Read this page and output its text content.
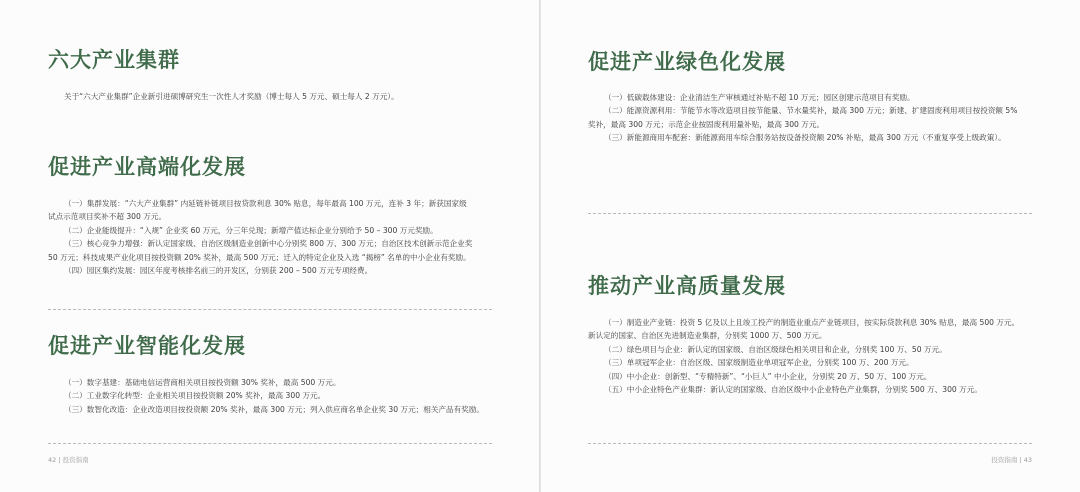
六大产业集群
关于“六大产业集群”企业新引进硕博研究生一次性人才奖励（博士每人 5 万元、硕士每人 2 万元）。
促进产业高端化发展
（一）集群发展：“六大产业集群” 内延链补链项目按贷款利息 30% 贴息，每年最高 100 万元，连补 3 年；新获国家级
试点示范项目奖补不超 300 万元。
（二）企业能级提升：“入规” 企业奖 60 万元，分三年兑现；新增产值达标企业分别给予 50 – 300 万元奖励。
（三）核心竞争力增强：新认定国家级、自治区级制造业创新中心分别奖 800 万、300 万元；自治区技术创新示范企业奖
50 万元；科技成果产业化项目按投资额 20% 奖补，最高 500 万元；迁入的特定企业及入选 “揭榜” 名单的中小企业有奖励。
（四）园区集约发展：园区年度考核排名前三的开发区，分别获 200 – 500 万元专项经费。
促进产业智能化发展
（一）数字基建：基础电信运营商相关项目按投资额 30% 奖补，最高 500 万元。
（二）工业数字化转型：企业相关项目按投资额 20% 奖补，最高 300 万元。
（三）数智化改造：企业改造项目按投资额 20% 奖补，最高 300 万元；列入供应商名单企业奖 30 万元；相关产品有奖励。
42 | 投资指南
促进产业绿色化发展
（一）低碳载体建设：企业清洁生产审核通过补贴不超 10 万元；园区创建示范项目有奖励。
（二）能源资源利用：节能节水等改造项目按节能量、节水量奖补，最高 300 万元；新建、扩建固废利用项目按投资额 5%
奖补，最高 300 万元；示范企业按固废利用量补贴，最高 300 万元。
（三）新能源商用车配套：新能源商用车综合服务站按设备投资额 20% 补贴，最高 300 万元（不重复享受上级政策）。
推动产业高质量发展
（一）制造业产业链：投资 5 亿及以上且竣工投产的制造业重点产业链项目，按实际贷款利息 30% 贴息，最高 500 万元。
新认定的国家、自治区先进制造业集群，分别奖 1000 万、500 万元。
（二）绿色项目与企业：新认定的国家级、自治区级绿色相关项目和企业，分别奖 100 万、50 万元。
（三）单项冠军企业：自治区级、国家级制造业单项冠军企业，分别奖 100 万、200 万元。
（四）中小企业：创新型、“专精特新”、“小巨人” 中小企业，分别奖 20 万、50 万、100 万元。
（五）中小企业特色产业集群：新认定的国家级、自治区级中小企业特色产业集群，分别奖 500 万、300 万元。
投资指南 | 43
